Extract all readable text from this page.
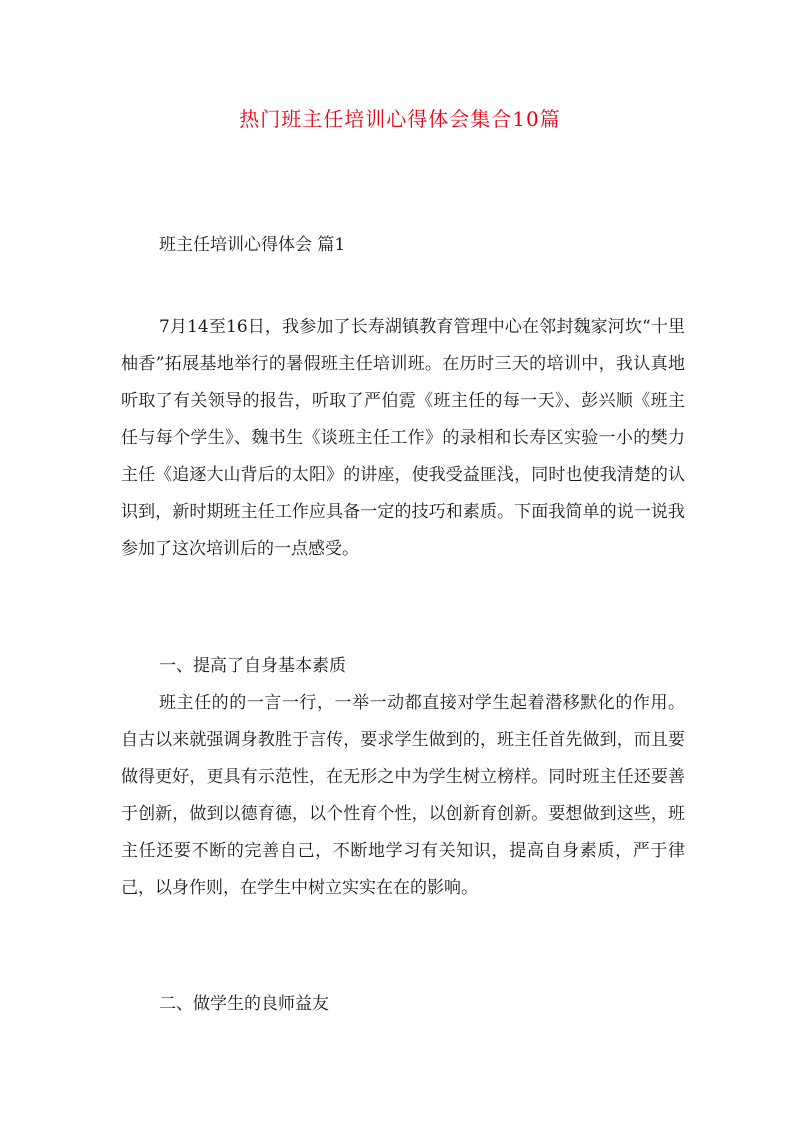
热门班主任培训心得体会集合10篇
班主任培训心得体会 篇1

7月14至16日，我参加了长寿湖镇教育管理中心在邻封魏家河坎“十里柚香”拓展基地举行的暑假班主任培训班。在历时三天的培训中，我认真地听取了有关领导的报告，听取了严伯霓《班主任的每一天》、彭兴顺《班主任与每个学生》、魏书生《谈班主任工作》的录相和长寿区实验一小的樊力主任《追逐大山背后的太阳》的讲座，使我受益匪浅，同时也使我清楚的认识到，新时期班主任工作应具备一定的技巧和素质。下面我简单的说一说我参加了这次培训后的一点感受。

一、提高了自身基本素质

班主任的的一言一行，一举一动都直接对学生起着潜移默化的作用。自古以来就强调身教胜于言传，要求学生做到的，班主任首先做到，而且要做得更好，更具有示范性，在无形之中为学生树立榜样。同时班主任还要善于创新，做到以德育德，以个性育个性，以创新育创新。要想做到这些，班主任还要不断的完善自己，不断地学习有关知识，提高自身素质，严于律己，以身作则，在学生中树立实实在在的影响。

二、做学生的良师益友
